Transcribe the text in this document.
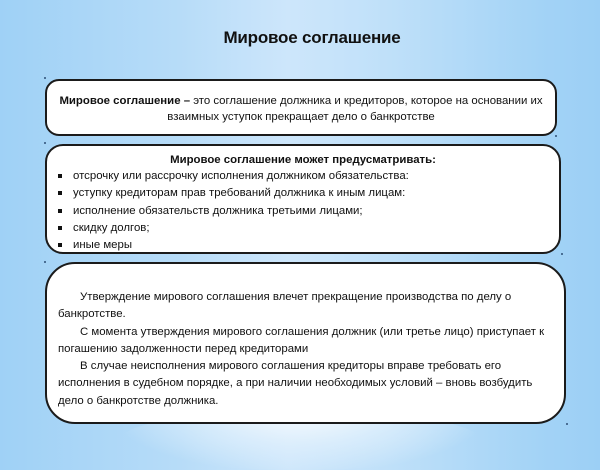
Мировое соглашение
Мировое соглашение – это соглашение должника и кредиторов, которое на основании их
взаимных уступок прекращает дело о банкротстве
Мировое соглашение может предусматривать:
отсрочку или рассрочку исполнения должником обязательства:
уступку кредиторам прав требований должника к иным лицам:
исполнение обязательств должника третьими лицами;
скидку долгов;
иные меры

Утверждение мирового соглашения влечет прекращение производства по делу о банкротстве.

С момента утверждения мирового соглашения должник (или третье лицо) приступает к погашению задолженности перед кредиторами

В случае неисполнения мирового соглашения кредиторы вправе требовать его исполнения в судебном порядке, а при наличии необходимых условий – вновь возбудить дело о банкротстве должника.
